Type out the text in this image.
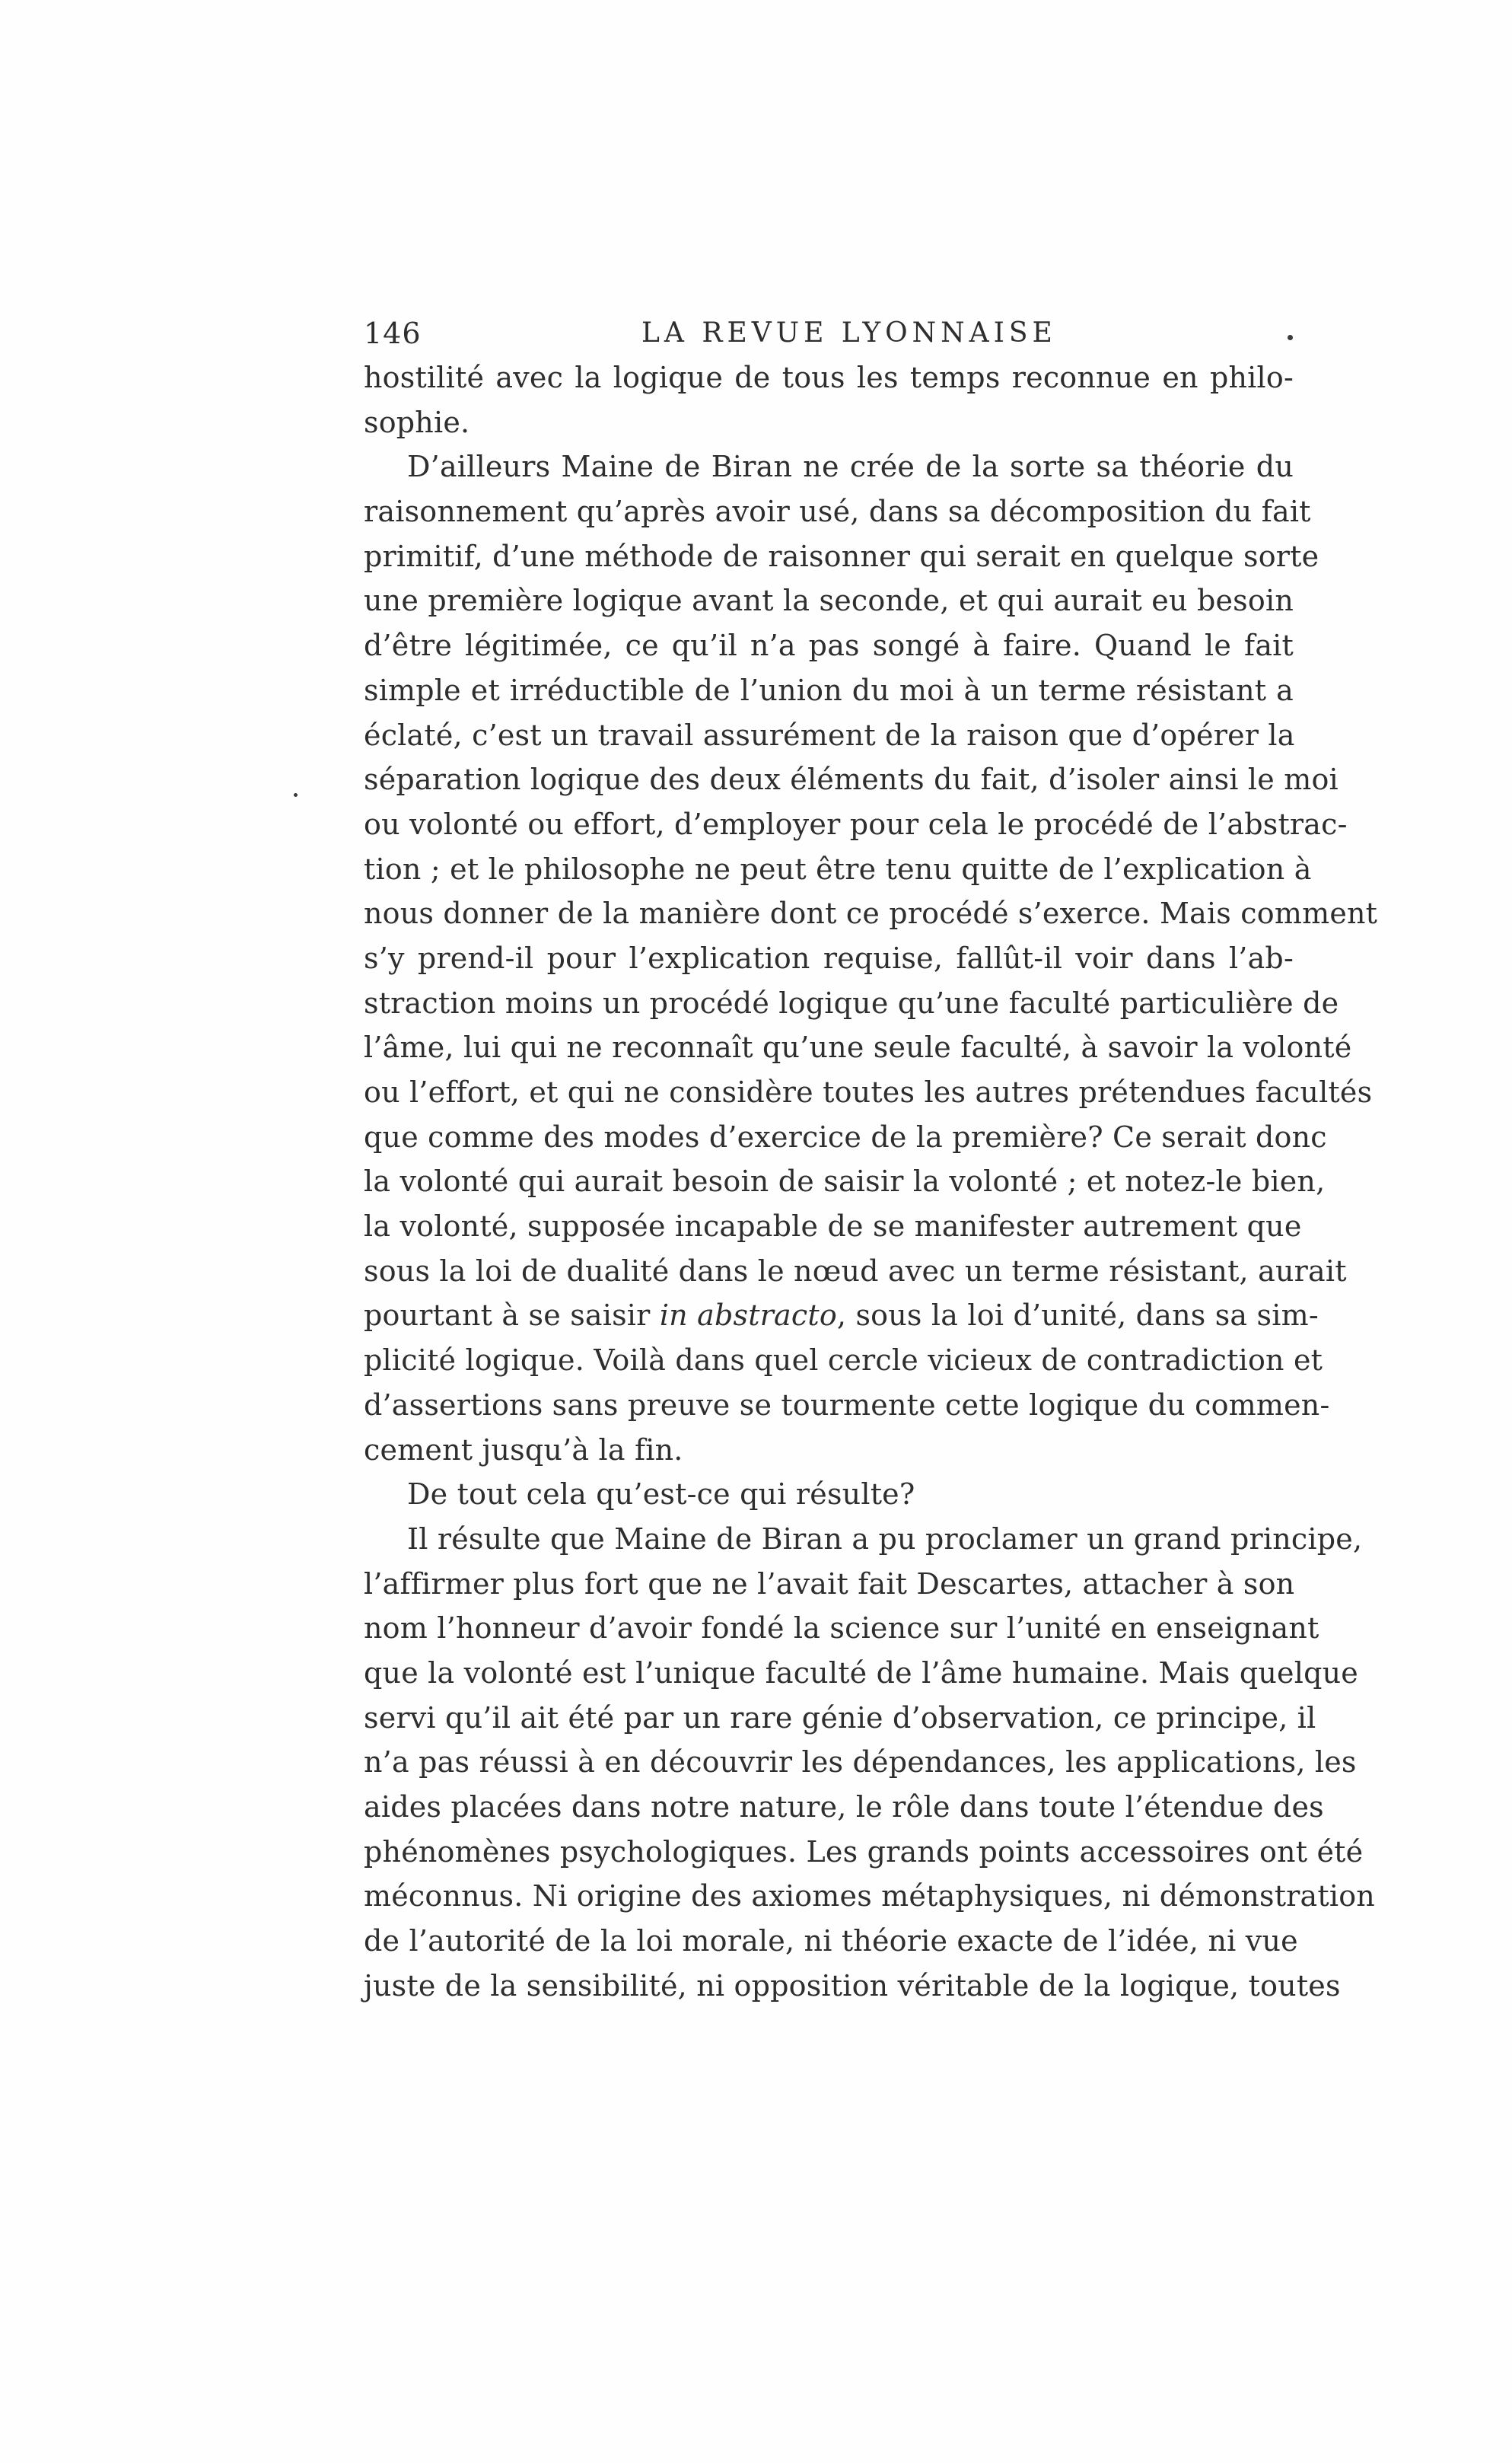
146	LA REVUE LYONNAISE
hostilité avec la logique de tous les temps reconnue en philo-
sophie.
D’ailleurs Maine de Biran ne crée de la sorte sa théorie du
raisonnement qu’après avoir usé, dans sa décomposition du fait
primitif, d’une méthode de raisonner qui serait en quelque sorte
une première logique avant la seconde, et qui aurait eu besoin
d’être légitimée, ce qu’il n’a pas songé à faire. Quand le fait
simple et irréductible de l’union du moi à un terme résistant a
éclaté, c’est un travail assurément de la raison que d’opérer la
séparation logique des deux éléments du fait, d’isoler ainsi le moi
ou volonté ou effort, d’employer pour cela le procédé de l’abstrac-
tion ; et le philosophe ne peut être tenu quitte de l’explication à
nous donner de la manière dont ce procédé s’exerce. Mais comment
s’y prend-il pour l’explication requise, fallût-il voir dans l’ab-
straction moins un procédé logique qu’une faculté particulière de
l’âme, lui qui ne reconnaît qu’une seule faculté, à savoir la volonté
ou l’effort, et qui ne considère toutes les autres prétendues facultés
que comme des modes d’exercice de la première? Ce serait donc
la volonté qui aurait besoin de saisir la volonté ; et notez-le bien,
la volonté, supposée incapable de se manifester autrement que
sous la loi de dualité dans le nœud avec un terme résistant, aurait
pourtant à se saisir in abstracto, sous la loi d’unité, dans sa sim-
plicité logique. Voilà dans quel cercle vicieux de contradiction et
d’assertions sans preuve se tourmente cette logique du commen-
cement jusqu’à la fin.
De tout cela qu’est-ce qui résulte?
Il résulte que Maine de Biran a pu proclamer un grand principe,
l’affirmer plus fort que ne l’avait fait Descartes, attacher à son
nom l’honneur d’avoir fondé la science sur l’unité en enseignant
que la volonté est l’unique faculté de l’âme humaine. Mais quelque
servi qu’il ait été par un rare génie d’observation, ce principe, il
n’a pas réussi à en découvrir les dépendances, les applications, les
aides placées dans notre nature, le rôle dans toute l’étendue des
phénomènes psychologiques. Les grands points accessoires ont été
méconnus. Ni origine des axiomes métaphysiques, ni démonstration
de l’autorité de la loi morale, ni théorie exacte de l’idée, ni vue
juste de la sensibilité, ni opposition véritable de la logique, toutes
